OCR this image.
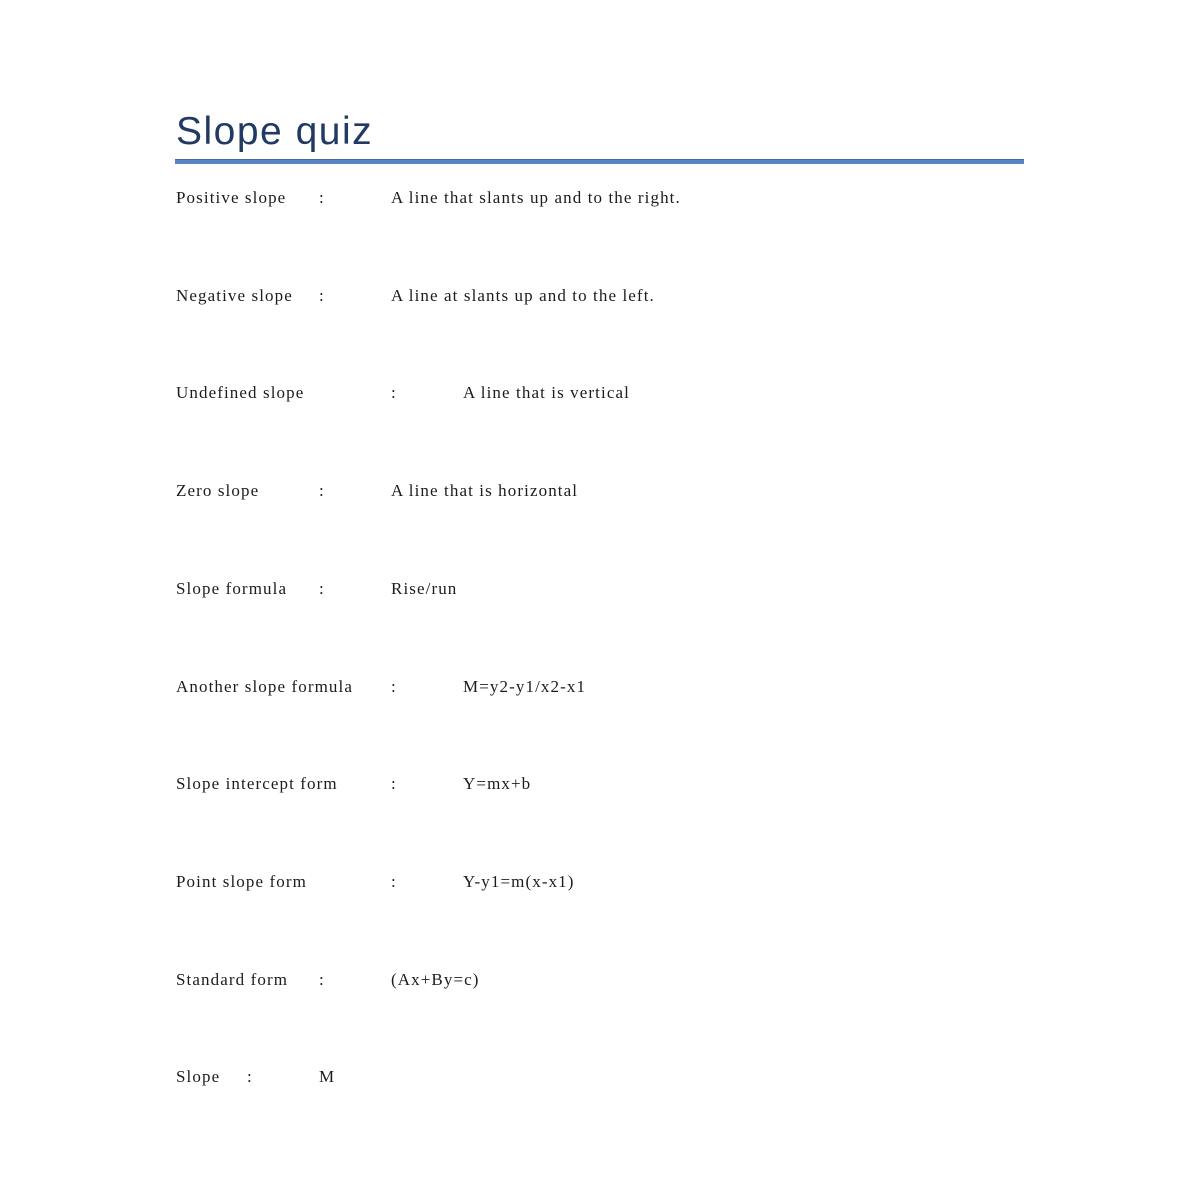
Slope quiz
Positive slope :	A line that slants up and to the right.
Negative slope :	A line at slants up and to the left.
Undefined slope	:	A line that is vertical
Zero slope	:	A line that is horizontal
Slope formula :	Rise/run
Another slope formula :	M=y2-y1/x2-x1
Slope intercept form	:	Y=mx+b
Point slope form	:	Y-y1=m(x-x1)
Standard form :	(Ax+By=c)
Slope :	M
